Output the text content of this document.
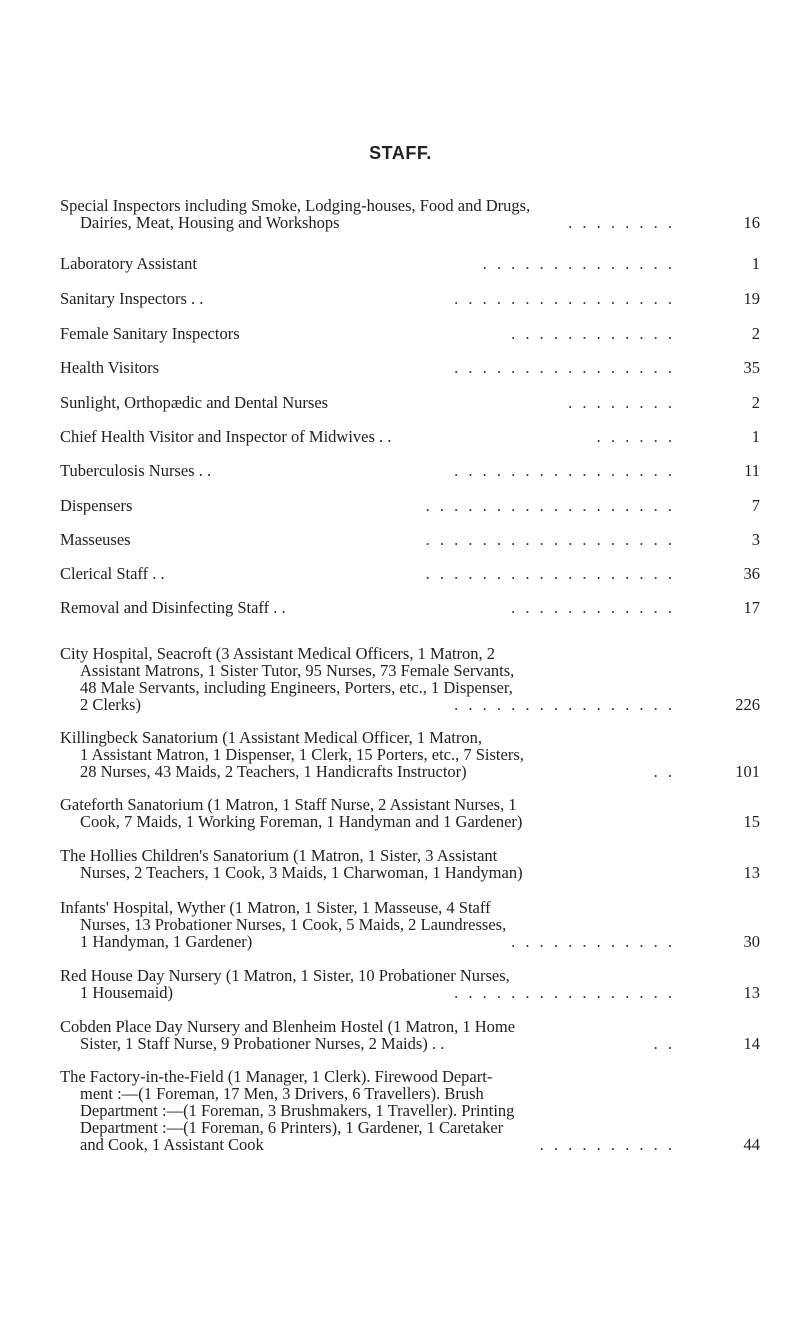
STAFF.
Special Inspectors including Smoke, Lodging-houses, Food and Drugs,
Dairies, Meat, Housing and Workshops	. . . . . . . .	16
Laboratory Assistant	. . . . . . . . . . . . . .	1
Sanitary Inspectors . .	. . . . . . . . . . . . . . . .	19
Female Sanitary Inspectors	. . . . . . . . . . . .	2
Health Visitors	. . . . . . . . . . . . . . . .	35
Sunlight, Orthopædic and Dental Nurses	. . . . . . . .	2
Chief Health Visitor and Inspector of Midwives . .	. . . . . .	1
Tuberculosis Nurses . .	. . . . . . . . . . . . . . . .	11
Dispensers	. . . . . . . . . . . . . . . . . .	7
Masseuses	. . . . . . . . . . . . . . . . . .	3
Clerical Staff . .	. . . . . . . . . . . . . . . . . .	36
Removal and Disinfecting Staff . .	. . . . . . . . . . . .	17
City Hospital, Seacroft (3 Assistant Medical Officers, 1 Matron, 2
Assistant Matrons, 1 Sister Tutor, 95 Nurses, 73 Female Servants,
48 Male Servants, including Engineers, Porters, etc., 1 Dispenser,
2 Clerks)	. . . . . . . . . . . . . . . .	226
Killingbeck Sanatorium (1 Assistant Medical Officer, 1 Matron,
1 Assistant Matron, 1 Dispenser, 1 Clerk, 15 Porters, etc., 7 Sisters,
28 Nurses, 43 Maids, 2 Teachers, 1 Handicrafts Instructor)	. .	101
Gateforth Sanatorium (1 Matron, 1 Staff Nurse, 2 Assistant Nurses, 1
Cook, 7 Maids, 1 Working Foreman, 1 Handyman and 1 Gardener)	15
The Hollies Children's Sanatorium (1 Matron, 1 Sister, 3 Assistant
Nurses, 2 Teachers, 1 Cook, 3 Maids, 1 Charwoman, 1 Handyman)	13
Infants' Hospital, Wyther (1 Matron, 1 Sister, 1 Masseuse, 4 Staff
Nurses, 13 Probationer Nurses, 1 Cook, 5 Maids, 2 Laundresses,
1 Handyman, 1 Gardener)	. . . . . . . . . . . .	30
Red House Day Nursery (1 Matron, 1 Sister, 10 Probationer Nurses,
1 Housemaid)	. . . . . . . . . . . . . . . .	13
Cobden Place Day Nursery and Blenheim Hostel (1 Matron, 1 Home
Sister, 1 Staff Nurse, 9 Probationer Nurses, 2 Maids) . .	. .	14
The Factory-in-the-Field (1 Manager, 1 Clerk). Firewood Depart-
ment :—(1 Foreman, 17 Men, 3 Drivers, 6 Travellers). Brush
Department :—(1 Foreman, 3 Brushmakers, 1 Traveller). Printing
Department :—(1 Foreman, 6 Printers), 1 Gardener, 1 Caretaker
and Cook, 1 Assistant Cook	. . . . . . . . . .	44
